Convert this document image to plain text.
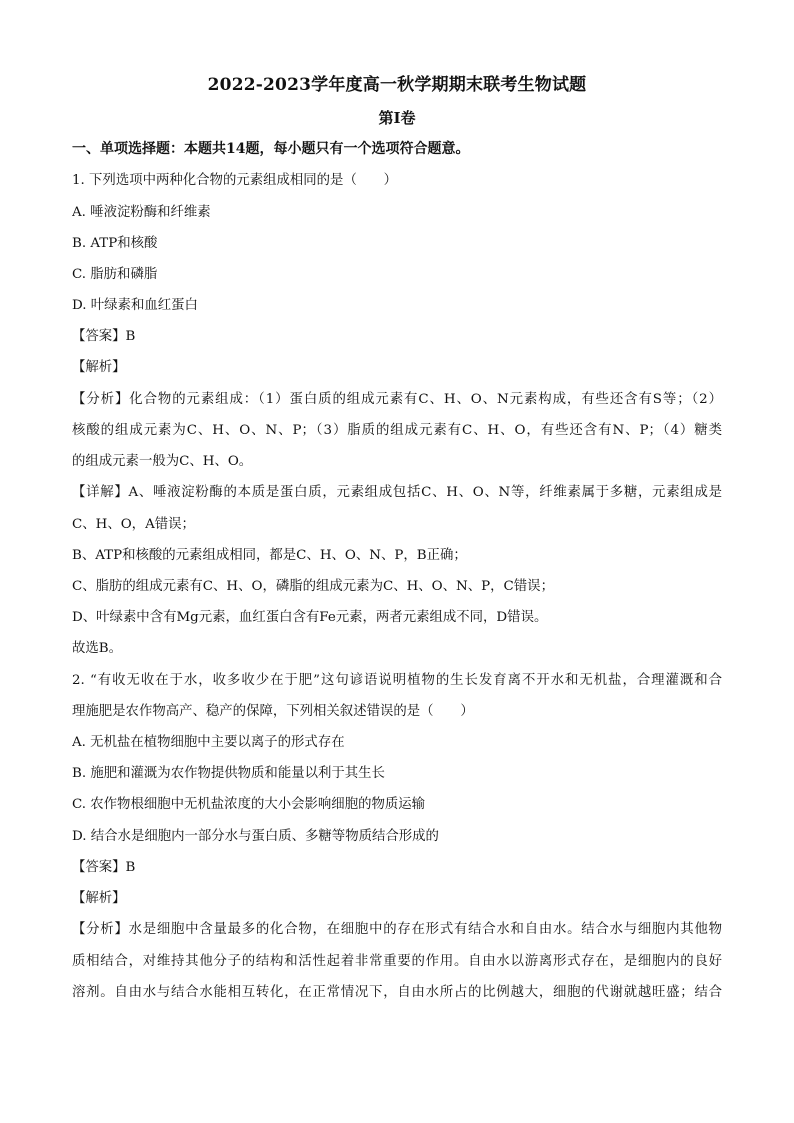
2022-2023学年度高一秋学期期末联考生物试题
第I卷
一、单项选择题：本题共14题，每小题只有一个选项符合题意。
1. 下列选项中两种化合物的元素组成相同的是（　　）
A. 唾液淀粉酶和纤维素
B. ATP和核酸
C. 脂肪和磷脂
D. 叶绿素和血红蛋白
【答案】B
【解析】
【分析】化合物的元素组成：（1）蛋白质的组成元素有C、H、O、N元素构成，有些还含有S等；（2）
核酸的组成元素为C、H、O、N、P；（3）脂质的组成元素有C、H、O，有些还含有N、P；（4）糖类
的组成元素一般为C、H、O。
【详解】A、唾液淀粉酶的本质是蛋白质，元素组成包括C、H、O、N等，纤维素属于多糖，元素组成是
C、H、O，A错误；
B、ATP和核酸的元素组成相同，都是C、H、O、N、P，B正确；
C、脂肪的组成元素有C、H、O，磷脂的组成元素为C、H、O、N、P，C错误；
D、叶绿素中含有Mg元素，血红蛋白含有Fe元素，两者元素组成不同，D错误。
故选B。
2. “有收无收在于水，收多收少在于肥”这句谚语说明植物的生长发育离不开水和无机盐，合理灌溉和合
理施肥是农作物高产、稳产的保障，下列相关叙述错误的是（　　）
A. 无机盐在植物细胞中主要以离子的形式存在
B. 施肥和灌溉为农作物提供物质和能量以利于其生长
C. 农作物根细胞中无机盐浓度的大小会影响细胞的物质运输
D. 结合水是细胞内一部分水与蛋白质、多糖等物质结合形成的
【答案】B
【解析】
【分析】水是细胞中含量最多的化合物，在细胞中的存在形式有结合水和自由水。结合水与细胞内其他物
质相结合，对维持其他分子的结构和活性起着非常重要的作用。自由水以游离形式存在，是细胞内的良好
溶剂。自由水与结合水能相互转化，在正常情况下，自由水所占的比例越大，细胞的代谢就越旺盛；结合
